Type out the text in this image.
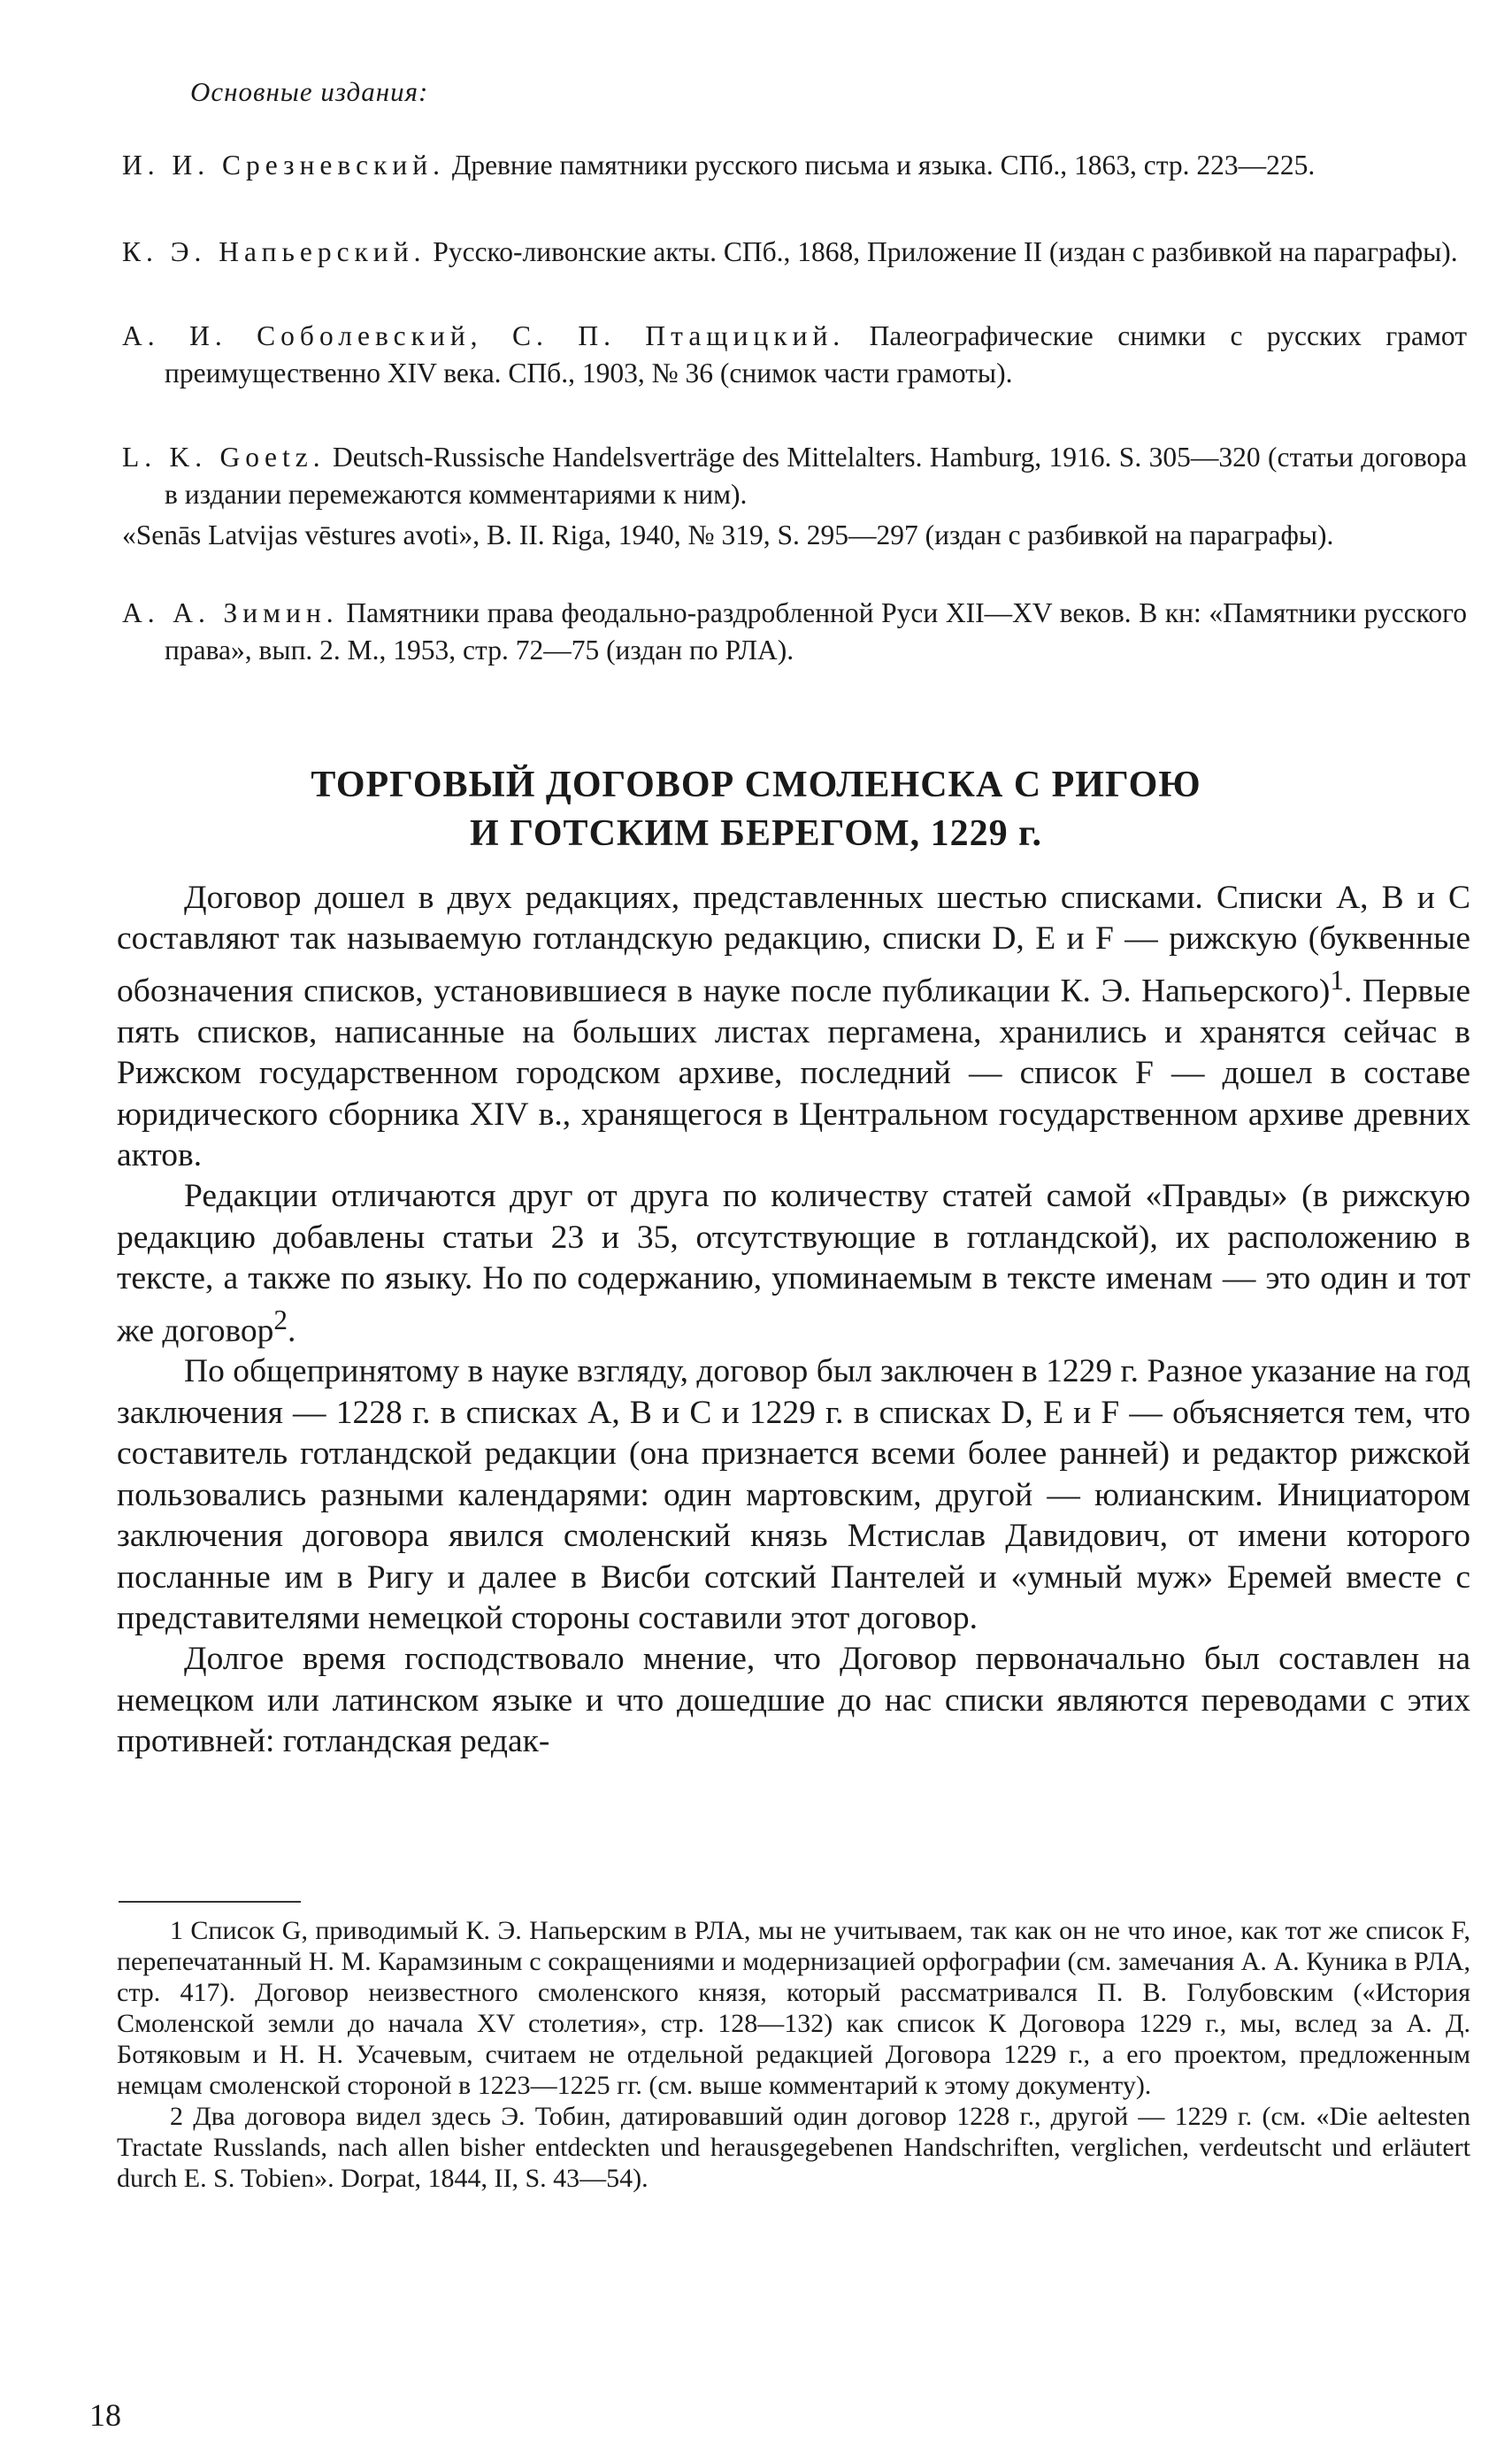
Основные издания:
И. И. Срезневский. Древние памятники русского письма и языка. СПб., 1863, стр. 223—225.
К. Э. Напьерский. Русско-ливонские акты. СПб., 1868, Приложение II (издан с разбивкой на параграфы).
А. И. Соболевский, С. П. Птащицкий. Палеографические снимки с русских грамот преимущественно XIV века. СПб., 1903, № 36 (снимок части грамоты).
L. K. Goetz. Deutsch-Russische Handelsverträge des Mittelalters. Hamburg, 1916. S. 305—320 (статьи договора в издании перемежаются комментариями к ним).
«Senās Latvijas vēstures avoti», B. II. Riga, 1940, № 319, S. 295—297 (издан с разбивкой на параграфы).
А. А. Зимин. Памятники права феодально-раздробленной Руси XII—XV веков. В кн: «Памятники русского права», вып. 2. М., 1953, стр. 72—75 (издан по РЛА).
ТОРГОВЫЙ ДОГОВОР СМОЛЕНСКА С РИГОЮ
И ГОТСКИМ БЕРЕГОМ, 1229 г.

Договор дошел в двух редакциях, представленных шестью списками. Списки А, В и С составляют так называемую готландскую редакцию, списки D, Е и F — рижскую (буквенные обозначения списков, установившиеся в науке после публикации К. Э. Напьерского)$^1$. Первые пять списков, написанные на больших листах пергамена, хранились и хранятся сейчас в Рижском государственном городском архиве, последний — список F — дошел в составе юридического сборника XIV в., хранящегося в Центральном государственном архиве древних актов.

Редакции отличаются друг от друга по количеству статей самой «Правды» (в рижскую редакцию добавлены статьи 23 и 35, отсутствующие в готландской), их расположению в тексте, а также по языку. Но по содержанию, упоминаемым в тексте именам — это один и тот же договор$^2$.

По общепринятому в науке взгляду, договор был заключен в 1229 г. Разное указание на год заключения — 1228 г. в списках А, В и С и 1229 г. в списках D, Е и F — объясняется тем, что составитель готландской редакции (она признается всеми более ранней) и редактор рижской пользовались разными календарями: один мартовским, другой — юлианским. Инициатором заключения договора явился смоленский князь Мстислав Давидович, от имени которого посланные им в Ригу и далее в Висби сотский Пантелей и «умный муж» Еремей вместе с представителями немецкой стороны составили этот договор.

Долгое время господствовало мнение, что Договор первоначально был составлен на немецком или латинском языке и что дошедшие до нас списки являются переводами с этих противней: готландская редак-

1 Список G, приводимый К. Э. Напьерским в РЛА, мы не учитываем, так как он не что иное, как тот же список F, перепечатанный Н. М. Карамзиным с сокращениями и модернизацией орфографии (см. замечания А. А. Куника в РЛА, стр. 417). Договор неизвестного смоленского князя, который рассматривался П. В. Голубовским («История Смоленской земли до начала XV столетия», стр. 128—132) как список К Договора 1229 г., мы, вслед за А. Д. Ботяковым и Н. Н. Усачевым, считаем не отдельной редакцией Договора 1229 г., а его проектом, предложенным немцам смоленской стороной в 1223—1225 гг. (см. выше комментарий к этому документу).

2 Два договора видел здесь Э. Тобин, датировавший один договор 1228 г., другой — 1229 г. (см. «Die aeltesten Tractate Russlands, nach allen bisher entdeckten und herausgegebenen Handschriften, verglichen, verdeutscht und erläutert durch E. S. Tobien». Dorpat, 1844, II, S. 43—54).

18
